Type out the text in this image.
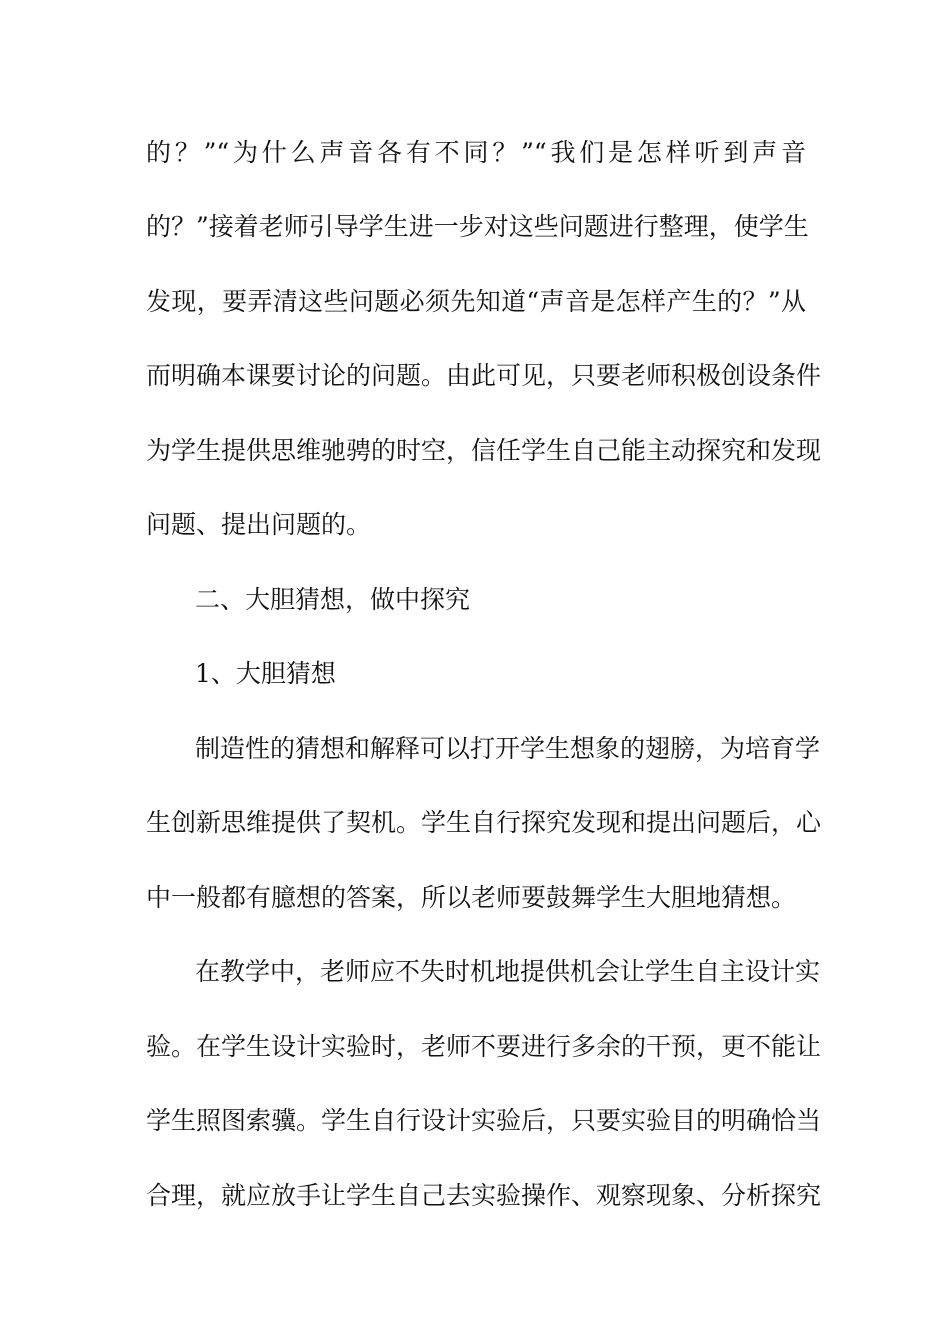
的？”“为什么声音各有不同？”“我们是怎样听到声音
的？”接着老师引导学生进一步对这些问题进行整理，使学生
发现，要弄清这些问题必须先知道“声音是怎样产生的？”从
而明确本课要讨论的问题。由此可见，只要老师积极创设条件
为学生提供思维驰骋的时空，信任学生自己能主动探究和发现
问题、提出问题的。
二、大胆猜想，做中探究
1、大胆猜想
制造性的猜想和解释可以打开学生想象的翅膀，为培育学
生创新思维提供了契机。学生自行探究发现和提出问题后，心
中一般都有臆想的答案，所以老师要鼓舞学生大胆地猜想。
在教学中，老师应不失时机地提供机会让学生自主设计实
验。在学生设计实验时，老师不要进行多余的干预，更不能让
学生照图索骥。学生自行设计实验后，只要实验目的明确恰当
合理，就应放手让学生自己去实验操作、观察现象、分析探究
